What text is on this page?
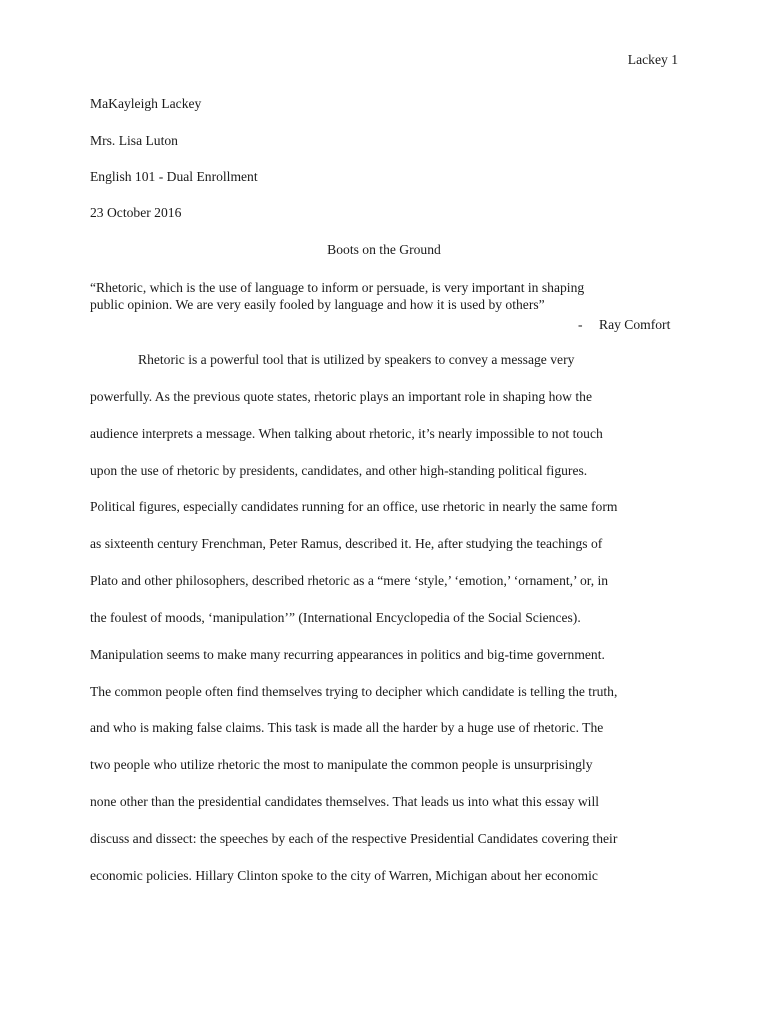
Lackey 1
MaKayleigh Lackey
Mrs. Lisa Luton
English 101 - Dual Enrollment
23 October 2016
Boots on the Ground
“Rhetoric, which is the use of language to inform or persuade, is very important in shaping
public opinion. We are very easily fooled by language and how it is used by others”
- Ray Comfort
Rhetoric is a powerful tool that is utilized by speakers to convey a message very
powerfully. As the previous quote states, rhetoric plays an important role in shaping how the
audience interprets a message. When talking about rhetoric, it’s nearly impossible to not touch
upon the use of rhetoric by presidents, candidates, and other high-standing political figures.
Political figures, especially candidates running for an office, use rhetoric in nearly the same form
as sixteenth century Frenchman, Peter Ramus, described it. He, after studying the teachings of
Plato and other philosophers, described rhetoric as a “mere ‘style,’ ‘emotion,’ ‘ornament,’ or, in
the foulest of moods, ‘manipulation’” (International Encyclopedia of the Social Sciences).
Manipulation seems to make many recurring appearances in politics and big-time government.
The common people often find themselves trying to decipher which candidate is telling the truth,
and who is making false claims. This task is made all the harder by a huge use of rhetoric. The
two people who utilize rhetoric the most to manipulate the common people is unsurprisingly
none other than the presidential candidates themselves. That leads us into what this essay will
discuss and dissect: the speeches by each of the respective Presidential Candidates covering their
economic policies. Hillary Clinton spoke to the city of Warren, Michigan about her economic
